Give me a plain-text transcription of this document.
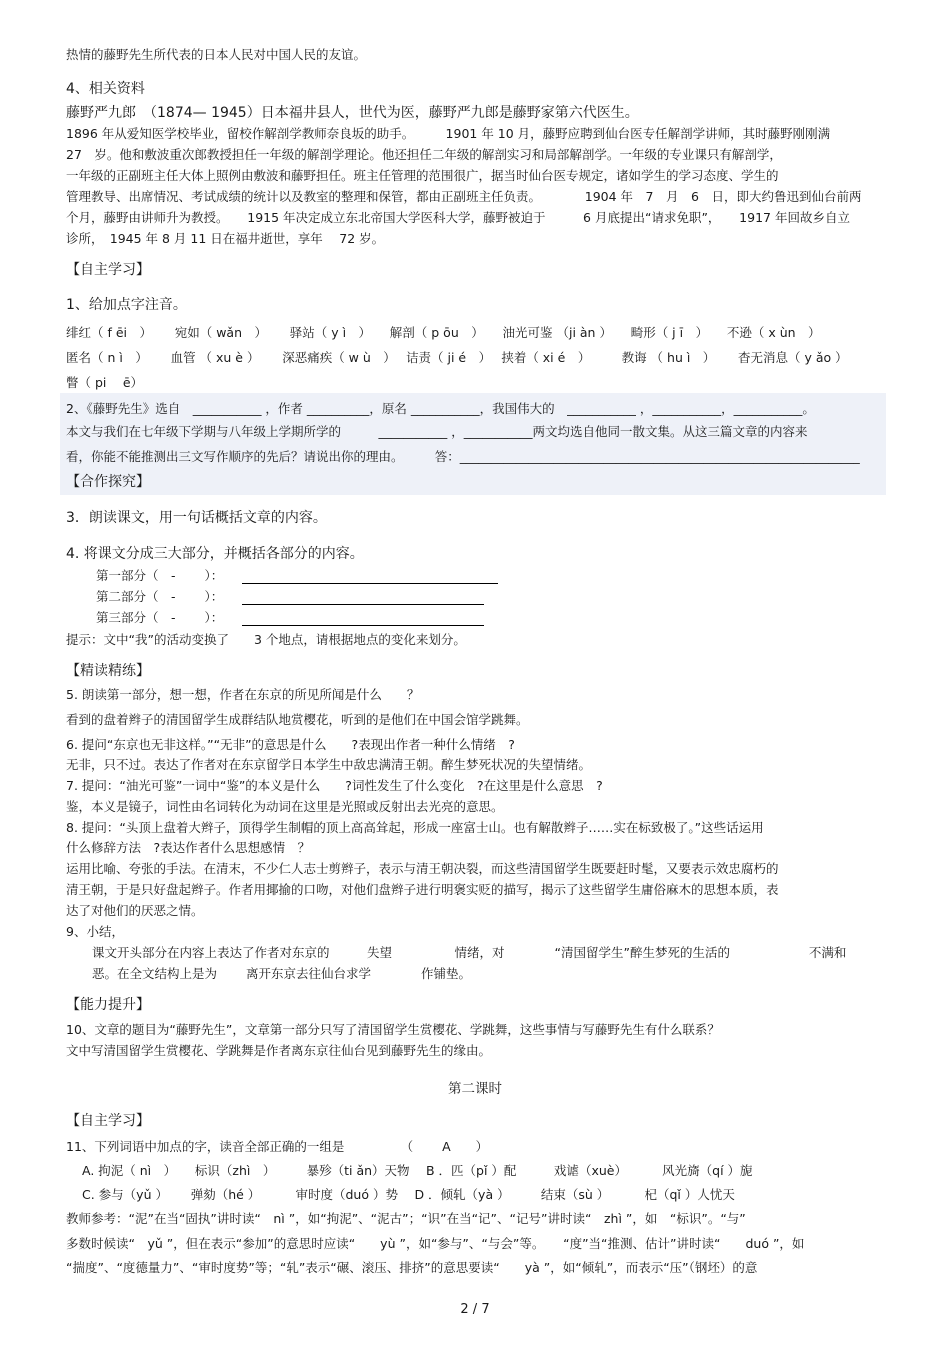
热情的藤野先生所代表的日本人民对中国人民的友谊。
4、相关资料
藤野严九郎　（1874— 1945）日本福井县人，世代为医，藤野严九郎是藤野家第六代医生。
1896 年从爱知医学校毕业，留校作解剖学教师奈良坂的助手。　　　1901 年 10 月，藤野应聘到仙台医专任解剖学讲师，其时藤野刚刚满
27　岁。他和敷波重次郎教授担任一年级的解剖学理论。他还担任二年级的解剖实习和局部解剖学。一年级的专业课只有解剖学，
一年级的正副班主任大体上照例由敷波和藤野担任。班主任管理的范围很广，据当时仙台医专规定，诸如学生的学习态度、学生的
管理教导、出席情况、考试成绩的统计以及教室的整理和保管，都由正副班主任负责。　　　　1904 年　7　月　6　日，即大约鲁迅到仙台前两
个月，藤野由讲师升为教授。　　1915 年决定成立东北帝国大学医科大学，藤野被迫于　　　6 月底提出“请求免职”，　　1917 年回故乡自立
诊所，　1945 年 8 月 11 日在福井逝世，享年　 72 岁。
【自主学习】
1、给加点字注音。
绯红（ f ēi　）　　 宛如（ wǎn　）　　 驿站（ y ì　）　　解剖（ p ōu　）　　油光可鉴 （ji àn ）　　畸形（ j ī　）　　不逊（ x ùn　）
匿名（ n ì　）　　 血管 （ xu è ）　　 深恶痛疾（ w ù　）　 诘责（ ji é　）　 挟着（ xi é　）　　　教诲 （ hu ì　）　　 杳无消息（ y ǎo ）
瞥（ pi　 ē）
2、《藤野先生》选自　___________ ，作者 __________，原名 ___________，我国伟大的　___________ ，___________，___________。
本文与我们在七年级下学期与八年级上学期所学的　　　___________ ，___________两文均选自他同一散文集。从这三篇文章的内容来
看，你能不能推测出三文写作顺序的先后？请说出你的理由。　　　答：________________________________________________________________
【合作探究】
3．朗读课文，用一句话概括文章的内容。
4. 将课文分成三大部分，并概括各部分的内容。
第一部分（　-　　 ）：
第二部分（　-　　 ）：
第三部分（　-　　 ）：
提示：文中“我”的活动变换了　　3 个地点，请根据地点的变化来划分。
【精读精练】
5. 朗读第一部分，想一想，作者在东京的所见所闻是什么　　？
看到的盘着辫子的清国留学生成群结队地赏樱花，听到的是他们在中国会馆学跳舞。
6. 提问“东京也无非这样。”“无非”的意思是什么　　?表现出作者一种什么情绪　?
无非，只不过。表达了作者对在东京留学日本学生中敌忠满清王朝。醉生梦死状况的失望情绪。
7. 提问：“油光可鉴”一词中“鉴”的本义是什么　　?词性发生了什么变化　?在这里是什么意思　?
鉴，本义是镜子，词性由名词转化为动词在这里是光照或反射出去光亮的意思。
8. 提问：“头顶上盘着大辫子，顶得学生制帽的顶上高高耸起，形成一座富士山。也有解散辫子……实在标致极了。”这些话运用
什么修辞方法　?表达作者什么思想感情　？
运用比喻、夸张的手法。在清末，不少仁人志士剪辫子，表示与清王朝决裂，而这些清国留学生既要赶时髦，又要表示效忠腐朽的
清王朝，于是只好盘起辫子。作者用揶揄的口吻，对他们盘辫子进行明褒实贬的描写，揭示了这些留学生庸俗麻木的思想本质，表
达了对他们的厌恶之情。
9、小结，
课文开头部分在内容上表达了作者对东京的　　　失望　　　　　情绪，对　　　　“清国留学生”醉生梦死的生活的　　　　　　 不满和
恶。在全文结构上是为　　 离开东京去往仙台求学　　　　作铺垫。
【能力提升】
10、文章的题目为“藤野先生”，文章第一部分只写了清国留学生赏樱花、学跳舞，这些事情与写藤野先生有什么联系？
文中写清国留学生赏樱花、学跳舞是作者离东京往仙台见到藤野先生的缘由。
第二课时
【自主学习】
11、下列词语中加点的字，读音全部正确的一组是　　　　　（　　 A　　）
A. 拘泥（ nì　）　　标识（zhì　）　　　暴殄（ti ǎn）天物　 B ．匹（pǐ ）配　　　戏谑（xuè）　　　 风光旖（qí ）旎
C. 参与（yǔ ）　　 弹劾（hé ）　　　 审时度（duó ）势　 D ．倾轧（yà ）　　　结束（sù ）　　　 杞（qǐ ）人忧天
教师参考：“泥”在当“固执”讲时读“　nì ”，如“拘泥”、“泥古”；“识”在当“记”、“记号”讲时读“　zhì ”，如　“标识”。“与”
多数时候读“　yǔ ”，但在表示“参加”的意思时应读“　　yù ”，如“参与”、“与会”等。　　“度”当“推测、估计”讲时读“　　duó ”，如
“揣度”、“度德量力”、“审时度势”等；“轧”表示“碾、滚压、排挤”的意思要读“　　yà ”，如“倾轧”，而表示“压”（钢坯）的意
2 / 7
